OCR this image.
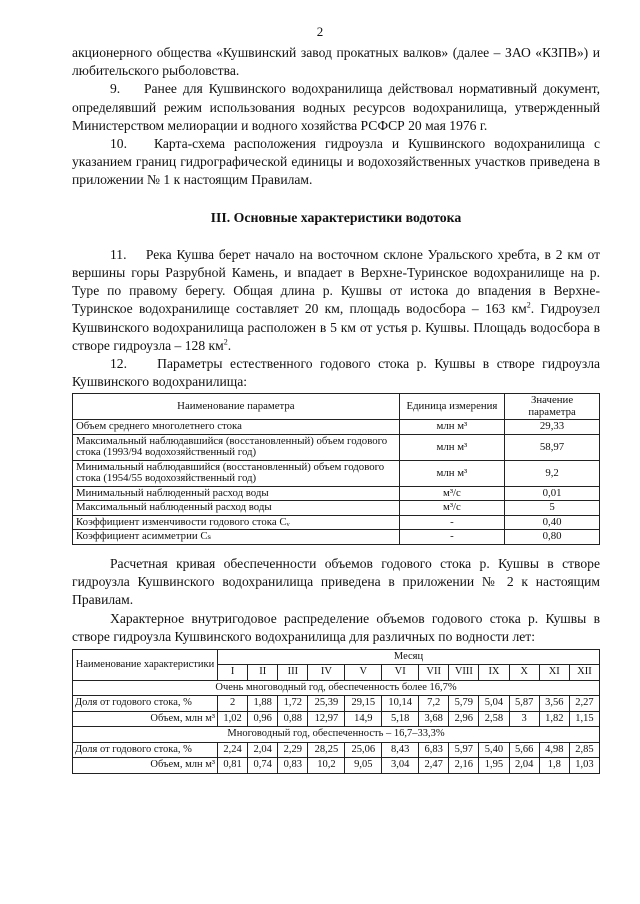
2

акционерного общества «Кушвинский завод прокатных валков» (далее – ЗАО «КЗПВ») и любительского рыболовства.

9. Ранее для Кушвинского водохранилища действовал нормативный документ, определявший режим использования водных ресурсов водохранилища, утвержденный Министерством мелиорации и водного хозяйства РСФСР 20 мая 1976 г.

10. Карта-схема расположения гидроузла и Кушвинского водохранилища с указанием границ гидрографической единицы и водохозяйственных участков приведена в приложении № 1 к настоящим Правилам.

III. Основные характеристики водотока

11. Река Кушва берет начало на восточном склоне Уральского хребта, в 2 км от вершины горы Разрубной Камень, и впадает в Верхне-Туринское водохранилище на р. Туре по правому берегу. Общая длина р. Кушвы от истока до впадения в Верхне-Туринское водохранилище составляет 20 км, площадь водосбора – 163 $км^2$. Гидроузел Кушвинского водохранилища расположен в 5 км от устья р. Кушвы. Площадь водосбора в створе гидроузла – 128 $км^2$.

12. Параметры естественного годового стока р. Кушвы в створе гидроузла Кушвинского водохранилища:

Наименование параметра	Единица измерения	Значение параметра
Объем среднего многолетнего стока	млн м³	29,33
Максимальный наблюдавшийся (восстановленный) объем годового стока (1993/94 водохозяйственный год)	млн м³	58,97
Минимальный наблюдавшийся (восстановленный) объем годового стока (1954/55 водохозяйственный год)	млн м³	9,2
Минимальный наблюденный расход воды	м³/с	0,01
Максимальный наблюденный расход воды	м³/с	5
Коэффициент изменчивости годового стока Cᵥ	-	0,40
Коэффициент асимметрии Cₛ	-	0,80

Расчетная кривая обеспеченности объемов годового стока р. Кушвы в створе гидроузла Кушвинского водохранилища приведена в приложении № 2 к настоящим Правилам.

Характерное внутригодовое распределение объемов годового стока р. Кушвы в створе гидроузла Кушвинского водохранилища для различных по водности лет:

Наименование характеристики	Месяц											
	I	II	III	IV	V	VI	VII	VIII	IX	X	XI	XII
Очень многоводный год, обеспеченность более 16,7%												
Доля от годового стока, %	2	1,88	1,72	25,39	29,15	10,14	7,2	5,79	5,04	5,87	3,56	2,27
Объем, млн м³	1,02	0,96	0,88	12,97	14,9	5,18	3,68	2,96	2,58	3	1,82	1,15
Многоводный год, обеспеченность – 16,7–33,3%												
Доля от годового стока, %	2,24	2,04	2,29	28,25	25,06	8,43	6,83	5,97	5,40	5,66	4,98	2,85
Объем, млн м³	0,81	0,74	0,83	10,2	9,05	3,04	2,47	2,16	1,95	2,04	1,8	1,03
